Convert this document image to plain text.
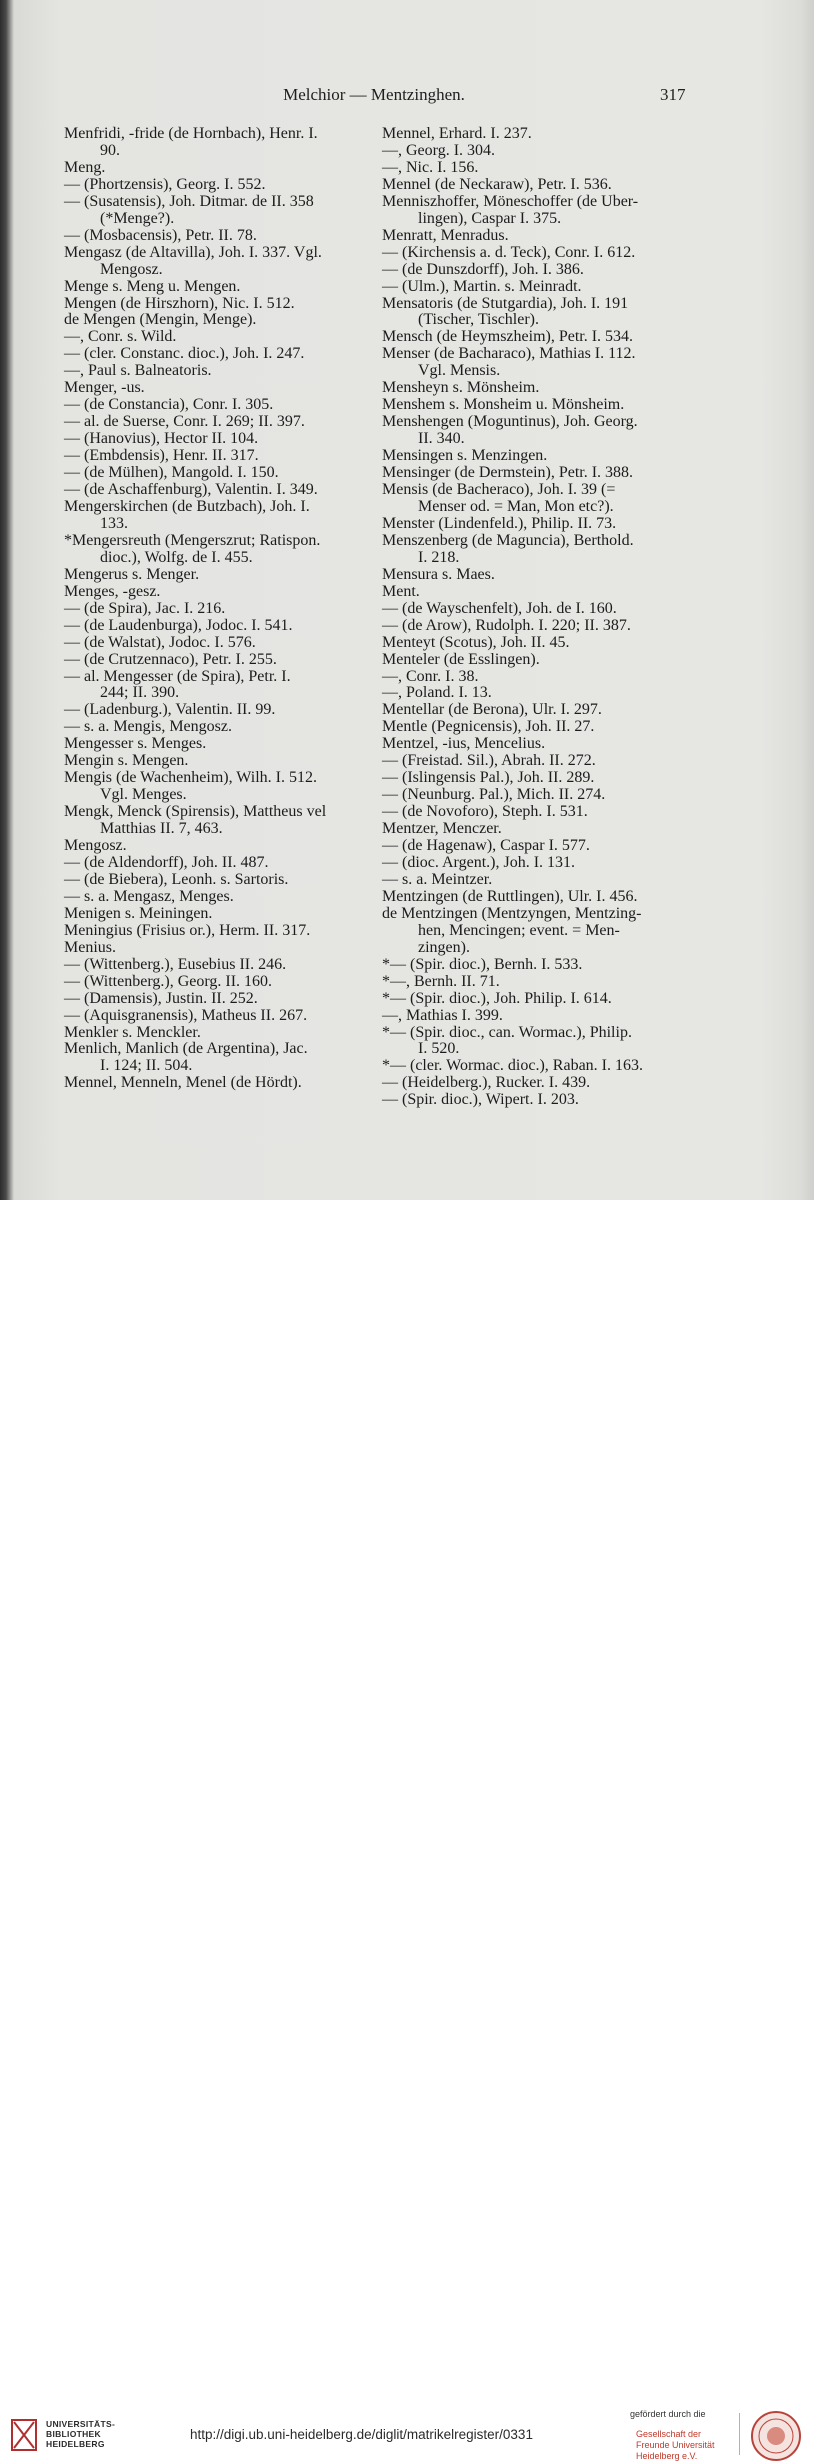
Melchior — Mentzinghen.	317
Menfridi, -fride (de Hornbach), Henr. I.
90.
Meng.
— (Phortzensis), Georg. I. 552.
— (Susatensis), Joh. Ditmar. de II. 358
(*Menge?).
— (Mosbacensis), Petr. II. 78.
Mengasz (de Altavilla), Joh. I. 337. Vgl.
Mengosz.
Menge s. Meng u. Mengen.
Mengen (de Hirszhorn), Nic. I. 512.
de Mengen (Mengin, Menge).
—, Conr. s. Wild.
— (cler. Constanc. dioc.), Joh. I. 247.
—, Paul s. Balneatoris.
Menger, -us.
— (de Constancia), Conr. I. 305.
— al. de Suerse, Conr. I. 269; II. 397.
— (Hanovius), Hector II. 104.
— (Embdensis), Henr. II. 317.
— (de Mülhen), Mangold. I. 150.
— (de Aschaffenburg), Valentin. I. 349.
Mengerskirchen (de Butzbach), Joh. I.
133.
*Mengersreuth (Mengerszrut; Ratispon.
dioc.), Wolfg. de I. 455.
Mengerus s. Menger.
Menges, -gesz.
— (de Spira), Jac. I. 216.
— (de Laudenburga), Jodoc. I. 541.
— (de Walstat), Jodoc. I. 576.
— (de Crutzennaco), Petr. I. 255.
— al. Mengesser (de Spira), Petr. I.
244; II. 390.
— (Ladenburg.), Valentin. II. 99.
— s. a. Mengis, Mengosz.
Mengesser s. Menges.
Mengin s. Mengen.
Mengis (de Wachenheim), Wilh. I. 512.
Vgl. Menges.
Mengk, Menck (Spirensis), Mattheus vel
Matthias II. 7, 463.
Mengosz.
— (de Aldendorff), Joh. II. 487.
— (de Biebera), Leonh. s. Sartoris.
— s. a. Mengasz, Menges.
Menigen s. Meiningen.
Meningius (Frisius or.), Herm. II. 317.
Menius.
— (Wittenberg.), Eusebius II. 246.
— (Wittenberg.), Georg. II. 160.
— (Damensis), Justin. II. 252.
— (Aquisgranensis), Matheus II. 267.
Menkler s. Menckler.
Menlich, Manlich (de Argentina), Jac.
I. 124; II. 504.
Mennel, Menneln, Menel (de Hördt).
Mennel, Erhard. I. 237.
—, Georg. I. 304.
—, Nic. I. 156.
Mennel (de Neckaraw), Petr. I. 536.
Menniszhoffer, Möneschoffer (de Uber-
lingen), Caspar I. 375.
Menratt, Menradus.
— (Kirchensis a. d. Teck), Conr. I. 612.
— (de Dunszdorff), Joh. I. 386.
— (Ulm.), Martin. s. Meinradt.
Mensatoris (de Stutgardia), Joh. I. 191
(Tischer, Tischler).
Mensch (de Heymszheim), Petr. I. 534.
Menser (de Bacharaco), Mathias I. 112.
Vgl. Mensis.
Mensheyn s. Mönsheim.
Menshem s. Monsheim u. Mönsheim.
Menshengen (Moguntinus), Joh. Georg.
II. 340.
Mensingen s. Menzingen.
Mensinger (de Dermstein), Petr. I. 388.
Mensis (de Bacheraco), Joh. I. 39 (=
Menser od. = Man, Mon etc?).
Menster (Lindenfeld.), Philip. II. 73.
Menszenberg (de Maguncia), Berthold.
I. 218.
Mensura s. Maes.
Ment.
— (de Wayschenfelt), Joh. de I. 160.
— (de Arow), Rudolph. I. 220; II. 387.
Menteyt (Scotus), Joh. II. 45.
Menteler (de Esslingen).
—, Conr. I. 38.
—, Poland. I. 13.
Mentellar (de Berona), Ulr. I. 297.
Mentle (Pegnicensis), Joh. II. 27.
Mentzel, -ius, Mencelius.
— (Freistad. Sil.), Abrah. II. 272.
— (Islingensis Pal.), Joh. II. 289.
— (Neunburg. Pal.), Mich. II. 274.
— (de Novoforo), Steph. I. 531.
Mentzer, Menczer.
— (de Hagenaw), Caspar I. 577.
— (dioc. Argent.), Joh. I. 131.
— s. a. Meintzer.
Mentzingen (de Ruttlingen), Ulr. I. 456.
de Mentzingen (Mentzyngen, Mentzing-
hen, Mencingen; event. = Men-
zingen).
*— (Spir. dioc.), Bernh. I. 533.
*—, Bernh. II. 71.
*— (Spir. dioc.), Joh. Philip. I. 614.
—, Mathias I. 399.
*— (Spir. dioc., can. Wormac.), Philip.
I. 520.
*— (cler. Wormac. dioc.), Raban. I. 163.
— (Heidelberg.), Rucker. I. 439.
— (Spir. dioc.), Wipert. I. 203.
UNIVERSITÄTS-BIBLIOTHEK HEIDELBERG
http://digi.ub.uni-heidelberg.de/diglit/matrikelregister/0331
gefördert durch die
Gesellschaft der Freunde Universität Heidelberg e.V.
